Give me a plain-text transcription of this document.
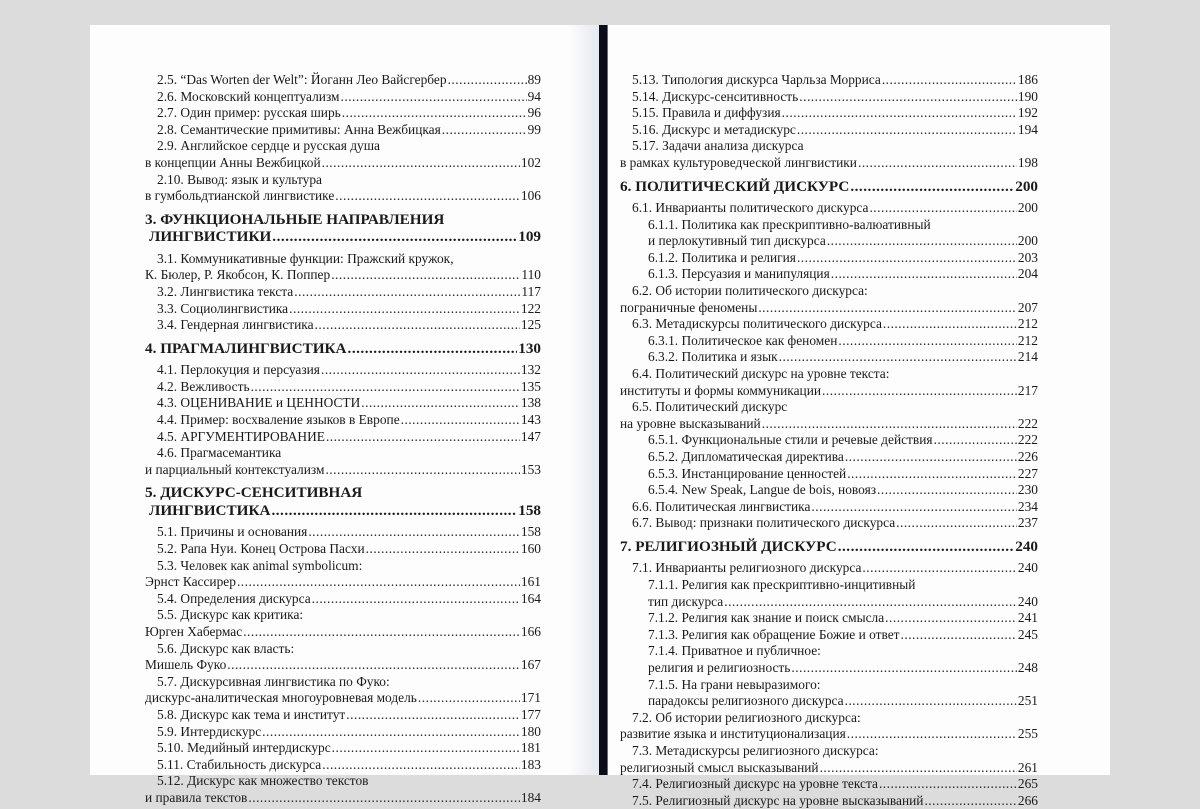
2.5. “Das Worten der Welt”: Йоганн Лео Вайсгербер .....	89
2.6. Московский концептуализм .....	94
2.7. Один пример: русская ширь .....	96
2.8. Семантические примитивы: Анна Вежбицкая .....	99
2.9. Английское сердце и русская душа
в концепции Анны Вежбицкой .....	102
2.10. Вывод: язык и культура
в гумбольдтианской лингвистике .....	106
3. ФУНКЦИОНАЛЬНЫЕ НАПРАВЛЕНИЯ
ЛИНГВИСТИКИ .....	109
3.1. Коммуникативные функции: Пражский кружок,
К. Бюлер, Р. Якобсон, К. Поппер .....	110
3.2. Лингвистика текста .....	117
3.3. Социолингвистика .....	122
3.4. Гендерная лингвистика .....	125
4. ПРАГМАЛИНГВИСТИКА .....	130
4.1. Перлокуция и персуазия .....	132
4.2. Вежливость .....	135
4.3. ОЦЕНИВАНИЕ и ЦЕННОСТИ .....	138
4.4. Пример: восхваление языков в Европе .....	143
4.5. АРГУМЕНТИРОВАНИЕ .....	147
4.6. Прагмасемантика
и парциальный контекстуализм .....	153
5. ДИСКУРС-СЕНСИТИВНАЯ
ЛИНГВИСТИКА .....	158
5.1. Причины и основания .....	158
5.2. Рапа Нуи. Конец Острова Пасхи .....	160
5.3. Человек как animal symbolicum:
Эрнст Кассирер .....	161
5.4. Определения дискурса .....	164
5.5. Дискурс как критика:
Юрген Хабермас .....	166
5.6. Дискурс как власть:
Мишель Фуко .....	167
5.7. Дискурсивная лингвистика по Фуко:
дискурс-аналитическая многоуровневая модель .....	171
5.8. Дискурс как тема и институт .....	177
5.9. Интердискурс .....	180
5.10. Медийный интердискурс .....	181
5.11. Стабильность дискурса .....	183
5.12. Дискурс как множество текстов
и правила текстов .....	184
5.13. Типология дискурса Чарльза Морриса .....	186
5.14. Дискурс-сенситивность .....	190
5.15. Правила и диффузия .....	192
5.16. Дискурс и метадискурс .....	194
5.17. Задачи анализа дискурса
в рамках культуроведческой лингвистики .....	198
6. ПОЛИТИЧЕСКИЙ ДИСКУРС .....	200
6.1. Инварианты политического дискурса .....	200
6.1.1. Политика как прескриптивно-валюативный
и перлокутивный тип дискурса .....	200
6.1.2. Политика и религия .....	203
6.1.3. Персуазия и манипуляция .....	204
6.2. Об истории политического дискурса:
пограничные феномены .....	207
6.3. Метадискурсы политического дискурса .....	212
6.3.1. Политическое как феномен .....	212
6.3.2. Политика и язык .....	214
6.4. Политический дискурс на уровне текста:
институты и формы коммуникации .....	217
6.5. Политический дискурс
на уровне высказываний .....	222
6.5.1. Функциональные стили и речевые действия .....	222
6.5.2. Дипломатическая директива .....	226
6.5.3. Инстанцирование ценностей .....	227
6.5.4. New Speak, Langue de bois, новояз .....	230
6.6. Политическая лингвистика .....	234
6.7. Вывод: признаки политического дискурса .....	237
7. РЕЛИГИОЗНЫЙ ДИСКУРС .....	240
7.1. Инварианты религиозного дискурса .....	240
7.1.1. Религия как прескриптивно-инцитивный
тип дискурса .....	240
7.1.2. Религия как знание и поиск смысла .....	241
7.1.3. Религия как обращение Божие и ответ .....	245
7.1.4. Приватное и публичное:
религия и религиозность .....	248
7.1.5. На грани невыразимого:
парадоксы религиозного дискурса .....	251
7.2. Об истории религиозного дискурса:
развитие языка и институционализация .....	255
7.3. Метадискурсы религиозного дискурса:
религиозный смысл высказываний .....	261
7.4. Религиозный дискурс на уровне текста .....	265
7.5. Религиозный дискурс на уровне высказываний .....	266
